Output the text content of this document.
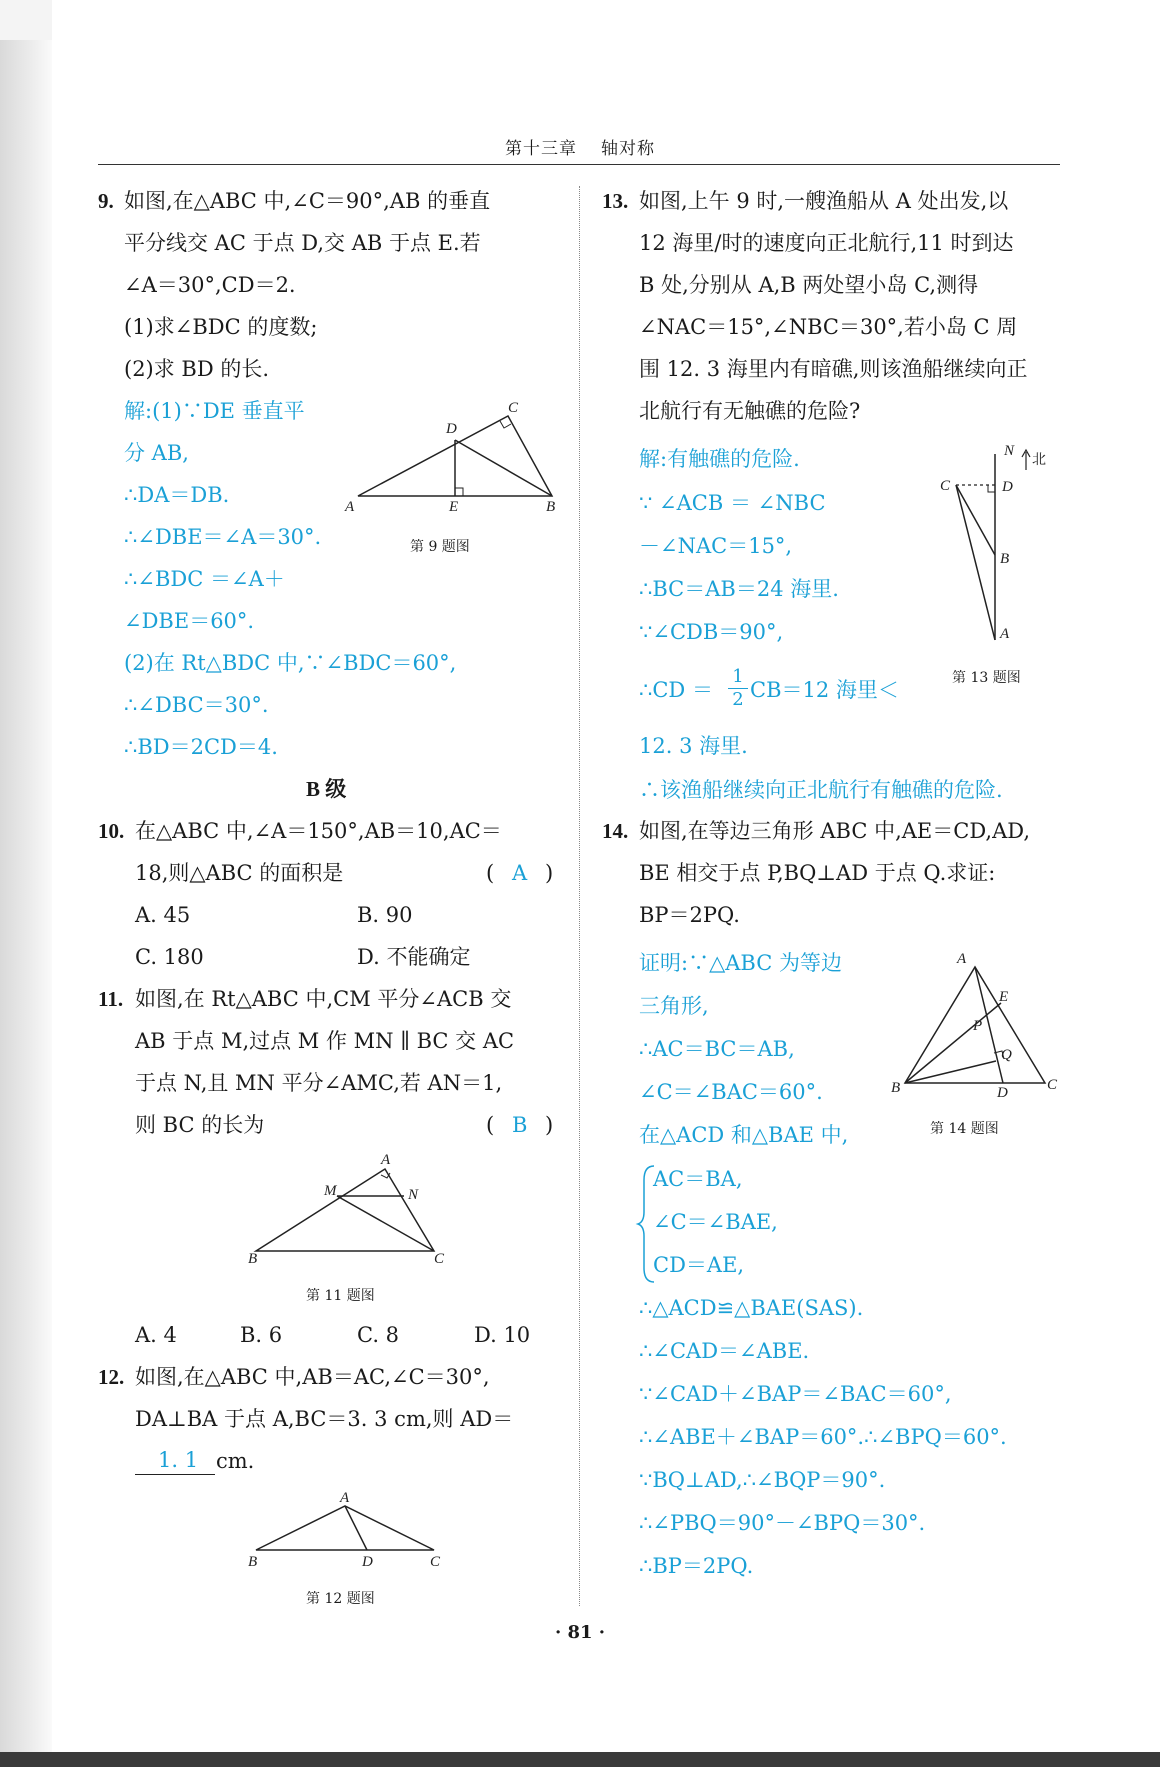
第十三章 轴对称
9. 如图,在△ABC 中,∠C＝90°,AB 的垂直
平分线交 AC 于点 D,交 AB 于点 E.若
∠A＝30°,CD＝2.
(1)求∠BDC 的度数;
(2)求 BD 的长.
解:(1)∵DE 垂直平
分 AB,
∴DA＝DB.
∴∠DBE＝∠A＝30°.
∴∠BDC ＝∠A＋
∠DBE＝60°.
(2)在 Rt△BDC 中,∵∠BDC＝60°,
∴∠DBC＝30°.
∴BD＝2CD＝4.
A	B
C
D
E
第 9 题图
B 级
10. 在△ABC 中,∠A＝150°,AB＝10,AC＝
18,则△ABC 的面积是	( A )
A. 45	B. 90
C. 180	D. 不能确定
11. 如图,在 Rt△ABC 中,CM 平分∠ACB 交
AB 于点 M,过点 M 作 MN ∥ BC 交 AC
于点 N,且 MN 平分∠AMC,若 AN＝1,
则 BC 的长为	( B )
B	C
A
M	N
第 11 题图
A. 4	B. 6	C. 8	D. 10
12. 如图,在△ABC 中,AB＝AC,∠C＝30°,
DA⊥BA 于点 A,BC＝3. 3 cm,则 AD＝
1. 1 cm.
A
B	D	C
第 12 题图
13. 如图,上午 9 时,一艘渔船从 A 处出发,以
12 海里/时的速度向正北航行,11 时到达
B 处,分别从 A,B 两处望小岛 C,测得
∠NAC＝15°,∠NBC＝30°,若小岛 C 周
围 12. 3 海里内有暗礁,则该渔船继续向正
北航行有无触礁的危险?
解:有触礁的危险.
∵ ∠ACB ＝ ∠NBC
－∠NAC＝15°,
∴BC＝AB＝24 海里.
∵∠CDB＝90°,
∴CD ＝ $\frac{1}{2} CB=12$ 海里＜
12. 3 海里.
∴该渔船继续向正北航行有触礁的危险.
N
北
C	D
B
A
第 13 题图
14. 如图,在等边三角形 ABC 中,AE＝CD,AD,
BE 相交于点 P,BQ⊥AD 于点 Q.求证:
BP＝2PQ.
证明:∵△ABC 为等边
三角形,
∴AC＝BC＝AB,
∠C＝∠BAC＝60°.
在△ACD 和△BAE 中,
AC＝BA,
∠C＝∠BAE,
CD＝AE,
∴△ACD≌△BAE(SAS).
∴∠CAD＝∠ABE.
∵∠CAD＋∠BAP＝∠BAC＝60°,
∴∠ABE＋∠BAP＝60°.∴∠BPQ＝60°.
∵BQ⊥AD,∴∠BQP＝90°.
∴∠PBQ＝90°－∠BPQ＝30°.
∴BP＝2PQ.
A
B	C
D
E
P
Q
第 14 题图
· 81 ·
